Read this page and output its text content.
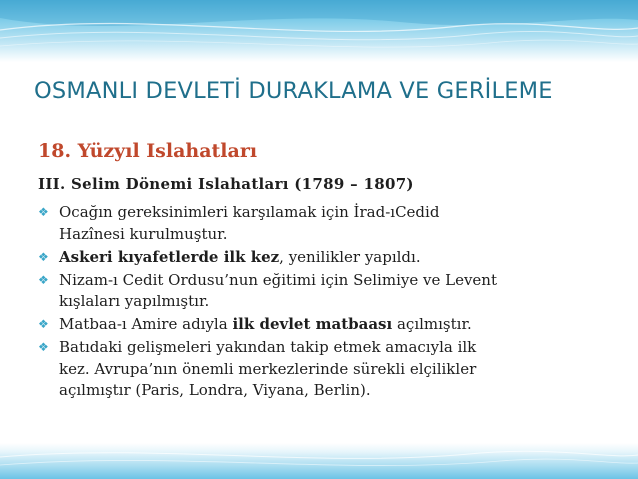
OSMANLI DEVLETİ DURAKLAMA VE GERİLEME
18. Yüzyıl Islahatları
III. Selim Dönemi Islahatları (1789 – 1807)
❖ Ocağın gereksinimleri karşılamak için İrad-ıCedid
Hazînesi kurulmuştur.
❖ Askeri kıyafetlerde ilk kez, yenilikler yapıldı.
❖ Nizam-ı Cedit Ordusu’nun eğitimi için Selimiye ve Levent
kışlaları yapılmıştır.
❖ Matbaa-ı Amire adıyla ilk devlet matbaası açılmıştır.
❖ Batıdaki gelişmeleri yakından takip etmek amacıyla ilk
kez. Avrupa’nın önemli merkezlerinde sürekli elçilikler
açılmıştır (Paris, Londra, Viyana, Berlin).
